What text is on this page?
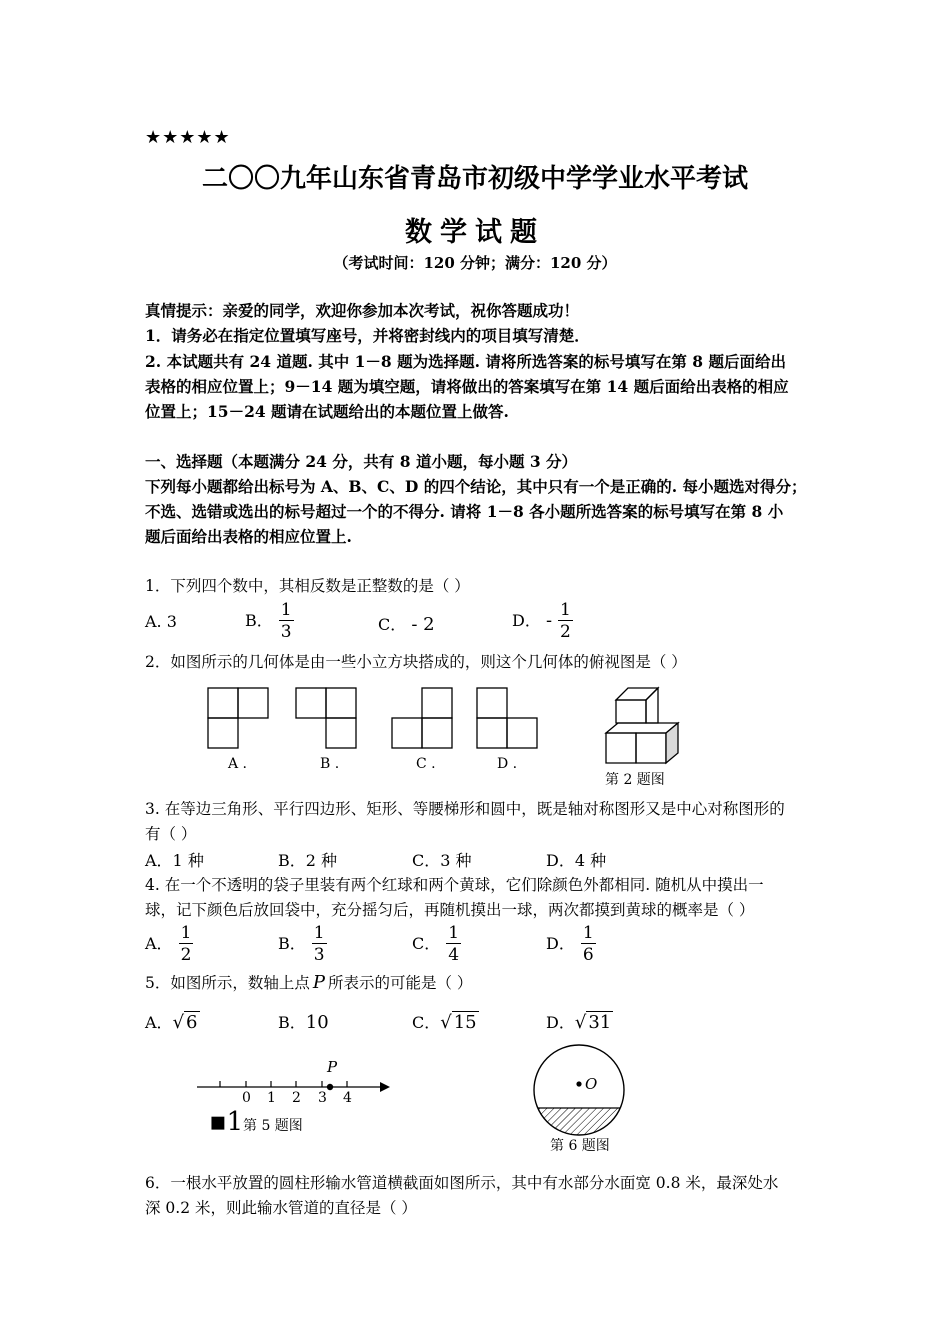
★★★★★
二〇〇九年山东省青岛市初级中学学业水平考试
数学试题
（考试时间：120 分钟；满分：120 分）
真情提示：亲爱的同学，欢迎你参加本次考试，祝你答题成功！
1．请务必在指定位置填写座号，并将密封线内的项目填写清楚．
2. 本试题共有 24 道题. 其中 1－8 题为选择题. 请将所选答案的标号填写在第 8 题后面给出
表格的相应位置上；9－14 题为填空题，请将做出的答案填写在第 14 题后面给出表格的相应
位置上；15－24 题请在试题给出的本题位置上做答.
一、选择题（本题满分 24 分，共有 8 道小题，每小题 3 分）
下列每小题都给出标号为 A、B、C、D 的四个结论，其中只有一个是正确的. 每小题选对得分；
不选、选错或选出的标号超过一个的不得分. 请将 1－8 各小题所选答案的标号填写在第 8 小
题后面给出表格的相应位置上.
1．下列四个数中，其相反数是正整数的是（ ）
A. 3	B． $\frac{1}{3}$	C． - 2	D． - $\frac{1}{2}$
2．如图所示的几何体是由一些小立方块搭成的，则这个几何体的俯视图是（ ）
A .	B .	C .	D .
第 2 题图
3. 在等边三角形、平行四边形、矩形、等腰梯形和圆中，既是轴对称图形又是中心对称图形的
有（ ）
A．1 种	B．2 种	C．3 种	D．4 种
4. 在一个不透明的袋子里装有两个红球和两个黄球，它们除颜色外都相同. 随机从中摸出一
球，记下颜色后放回袋中，充分摇匀后，再随机摸出一球，两次都摸到黄球的概率是（ ）
A． $\frac{1}{2}$	B． $\frac{1}{3}$	C． $\frac{1}{4}$	D． $\frac{1}{6}$
5．如图所示，数轴上点 P 所表示的可能是（ ）
A．√ 6	B．10	C．√ 15	D．√ 31
P
0 1 2 3 4
▪1 第 5 题图
O
第 6 题图
6．一根水平放置的圆柱形输水管道横截面如图所示，其中有水部分水面宽 0.8 米，最深处水
深 0.2 米，则此输水管道的直径是（ ）
